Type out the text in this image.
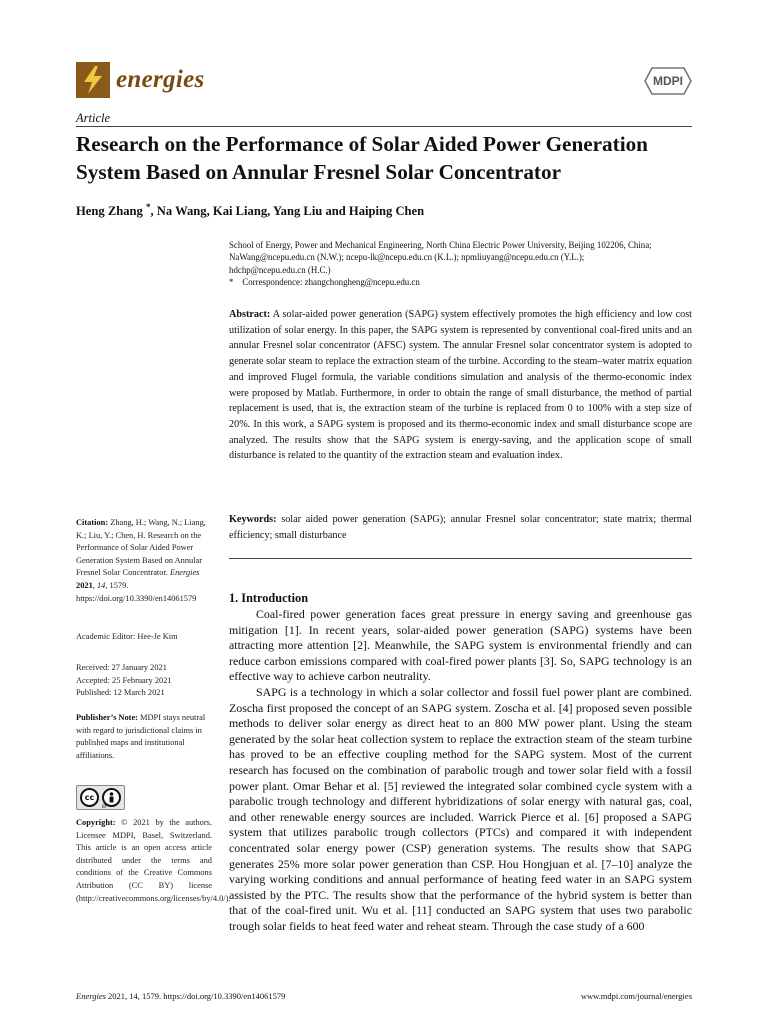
energies	MDPI
Article
Research on the Performance of Solar Aided Power Generation System Based on Annular Fresnel Solar Concentrator
Heng Zhang *, Na Wang, Kai Liang, Yang Liu and Haiping Chen
School of Energy, Power and Mechanical Engineering, North China Electric Power University, Beijing 102206, China;
NaWang@ncepu.edu.cn (N.W.); ncepu-lk@ncepu.edu.cn (K.L.); npmliuyang@ncepu.edu.cn (Y.L.);
hdchp@ncepu.edu.cn (H.C.)
* Correspondence: zhangchongheng@ncepu.edu.cn
Abstract: A solar-aided power generation (SAPG) system effectively promotes the high efficiency and low cost utilization of solar energy. In this paper, the SAPG system is represented by conventional coal-fired units and an annular Fresnel solar concentrator (AFSC) system. The annular Fresnel solar concentrator system is adopted to generate solar steam to replace the extraction steam of the turbine. According to the steam–water matrix equation and improved Flugel formula, the variable conditions simulation and analysis of the thermo-economic index were proposed by Matlab. Furthermore, in order to obtain the range of small disturbance, the method of partial replacement is used, that is, the extraction steam of the turbine is replaced from 0 to 100% with a step size of 20%. In this work, a SAPG system is proposed and its thermo-economic index and small disturbance scope are analyzed. The results show that the SAPG system is energy-saving, and the application scope of small disturbance is related to the quantity of the extraction steam and evaluation index.
Keywords: solar aided power generation (SAPG); annular Fresnel solar concentrator; state matrix; thermal efficiency; small disturbance
Citation: Zhang, H.; Wang, N.; Liang, K.; Liu, Y.; Chen, H. Research on the Performance of Solar Aided Power Generation System Based on Annular Fresnel Solar Concentrator. Energies 2021, 14, 1579. https://doi.org/10.3390/en14061579
Academic Editor: Hee-Je Kim
Received: 27 January 2021
Accepted: 25 February 2021
Published: 12 March 2021
Publisher’s Note: MDPI stays neutral with regard to jurisdictional claims in published maps and institutional affiliations.
cc
BY
Copyright: © 2021 by the authors. Licensee MDPI, Basel, Switzerland. This article is an open access article distributed under the terms and conditions of the Creative Commons Attribution (CC BY) license (http://creativecommons.org/licenses/by/4.0/).
1. Introduction

Coal-fired power generation faces great pressure in energy saving and greenhouse gas mitigation [1]. In recent years, solar-aided power generation (SAPG) systems have been attracting more attention [2]. Meanwhile, the SAPG system is environmental friendly and can reduce carbon emissions compared with coal-fired power plants [3]. So, SAPG technology is an effective way to achieve carbon neutrality.

SAPG is a technology in which a solar collector and fossil fuel power plant are combined. Zoscha first proposed the concept of an SAPG system. Zoscha et al. [4] proposed seven possible methods to deliver solar energy as direct heat to an 800 MW power plant. Using the steam generated by the solar heat collection system to replace the extraction steam of the steam turbine has proved to be an effective coupling method for the SAPG system. Most of the current research has focused on the combination of parabolic trough and tower solar field with a fossil power plant. Omar Behar et al. [5] reviewed the integrated solar combined cycle system with a parabolic trough technology and different hybridizations of solar energy with natural gas, coal, and other renewable energy sources are included. Warrick Pierce et al. [6] proposed a SAPG system that utilizes parabolic trough collectors (PTCs) and compared it with independent concentrated solar energy power (CSP) generation systems. The results show that SAPG generates 25% more solar power generation than CSP. Hou Hongjuan et al. [7–10] analyze the varying working conditions and annual performance of heating feed water in an SAPG system assisted by the PTC. The results show that the performance of the hybrid system is better than that of the coal-fired unit. Wu et al. [11] conducted an SAPG system that uses two parabolic trough solar fields to heat feed water and reheat steam. Through the case study of a 600

Energies 2021, 14, 1579. https://doi.org/10.3390/en14061579	www.mdpi.com/journal/energies
